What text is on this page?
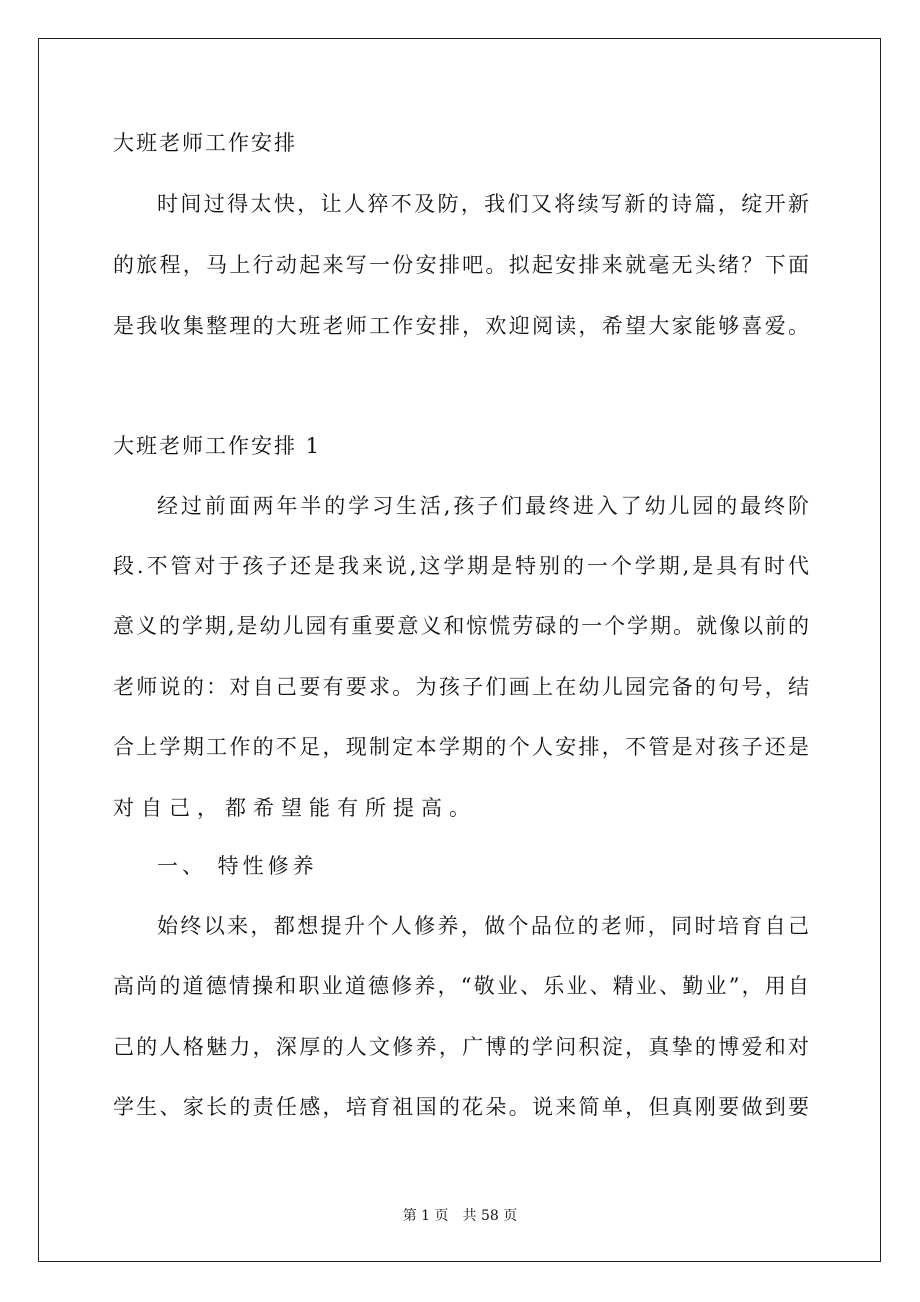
大班老师工作安排
时间过得太快，让人猝不及防，我们又将续写新的诗篇，绽开新
的旅程，马上行动起来写一份安排吧。拟起安排来就毫无头绪？下面
是我收集整理的大班老师工作安排，欢迎阅读，希望大家能够喜爱。
大班老师工作安排 1
经过前面两年半的学习生活,孩子们最终进入了幼儿园的最终阶
段.不管对于孩子还是我来说,这学期是特别的一个学期,是具有时代
意义的学期,是幼儿园有重要意义和惊慌劳碌的一个学期。就像以前的
老师说的：对自己要有要求。为孩子们画上在幼儿园完备的句号，结
合上学期工作的不足，现制定本学期的个人安排，不管是对孩子还是
对自己，都希望能有所提高。
一、 特性修养
始终以来，都想提升个人修养，做个品位的老师，同时培育自己
高尚的道德情操和职业道德修养，“敬业、乐业、精业、勤业”，用自
己的人格魅力，深厚的人文修养，广博的学问积淀，真挚的博爱和对
学生、家长的责任感，培育祖国的花朵。说来简单，但真刚要做到要
第 1 页　共 58 页
